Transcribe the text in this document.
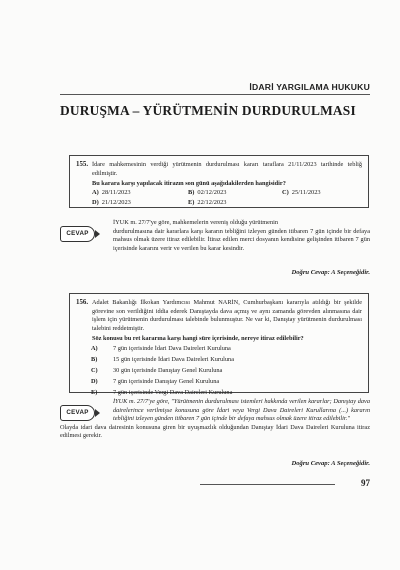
İDARİ YARGILAMA HUKUKU
DURUŞMA – YÜRÜTMENİN DURDURULMASI
155. İdare mahkemesinin verdiği yürütmenin durdurulması kararı taraflara 21/11/2023 tarihinde tebliğ edilmiştir.

Bu karara karşı yapılacak itirazın son günü aşağıdakilerden hangisidir?

A) 28/11/2023	B) 02/12/2023	C) 25/11/2023
D) 21/12/2023	E) 22/12/2023
CEVAP
İYUK m. 27/7'ye göre, mahkemelerin vereniş olduğu yürütmenin
durdurulmasına dair kararlara karşı kararın tebliğini izleyen günden itibaren 7 gün içinde bir defaya mahsus olmak üzere itiraz edilebilir. İtiraz edilen merci dosyanın kendisine gelişinden itibaren 7 gün içerisinde kararını verir ve verilen bu karar kesindir.
Doğru Cevap: A Seçeneğidir.
156. Adalet Bakanlığı İlkokan Yardımcısı Mahmut NARİN, Cumhurbaşkanı kararıyla atıldığı bir şekilde görevine son verildiğini iddia ederek Danıştayda dava açmış ve aynı zamanda görevden alınmasına dair işlem için yürütmenin durdurulması talebinde bulunmuştur. Ne var ki, Danıştay yürütmenin durdurulması talebini reddetmiştir.

Söz konusu bu ret kararına karşı hangi süre içerisinde, nereye itiraz edilebilir?

A) 7 gün içerisinde İdari Dava Daireleri Kuruluna
B) 15 gün içerisinde İdari Dava Daireleri Kuruluna
C) 30 gün içerisinde Danıştay Genel Kuruluna
D) 7 gün içerisinde Danıştay Genel Kuruluna
E) 7 gün içerisinde Vergi Dava Daireleri Kuruluna
CEVAP
İYUK m. 27/7'ye göre, "Yürütmenin durdurulması istemleri hakkında verilen kararlar; Danıştay dava dairelerince verilmişse konusuna göre İdari veya Vergi Dava Daireleri Kurullarına (...) kararın tebliğini izleyen günden itibaren 7 gün içinde bir defaya mahsus olmak üzere itiraz edilebilir."
Olayda idari dava dairesinin konusuna giren bir uyuşmazlık olduğundan Danıştay İdari Dava Daireleri Kuruluna itiraz edilmesi gerekir.
Doğru Cevap: A Seçeneğidir.
97
